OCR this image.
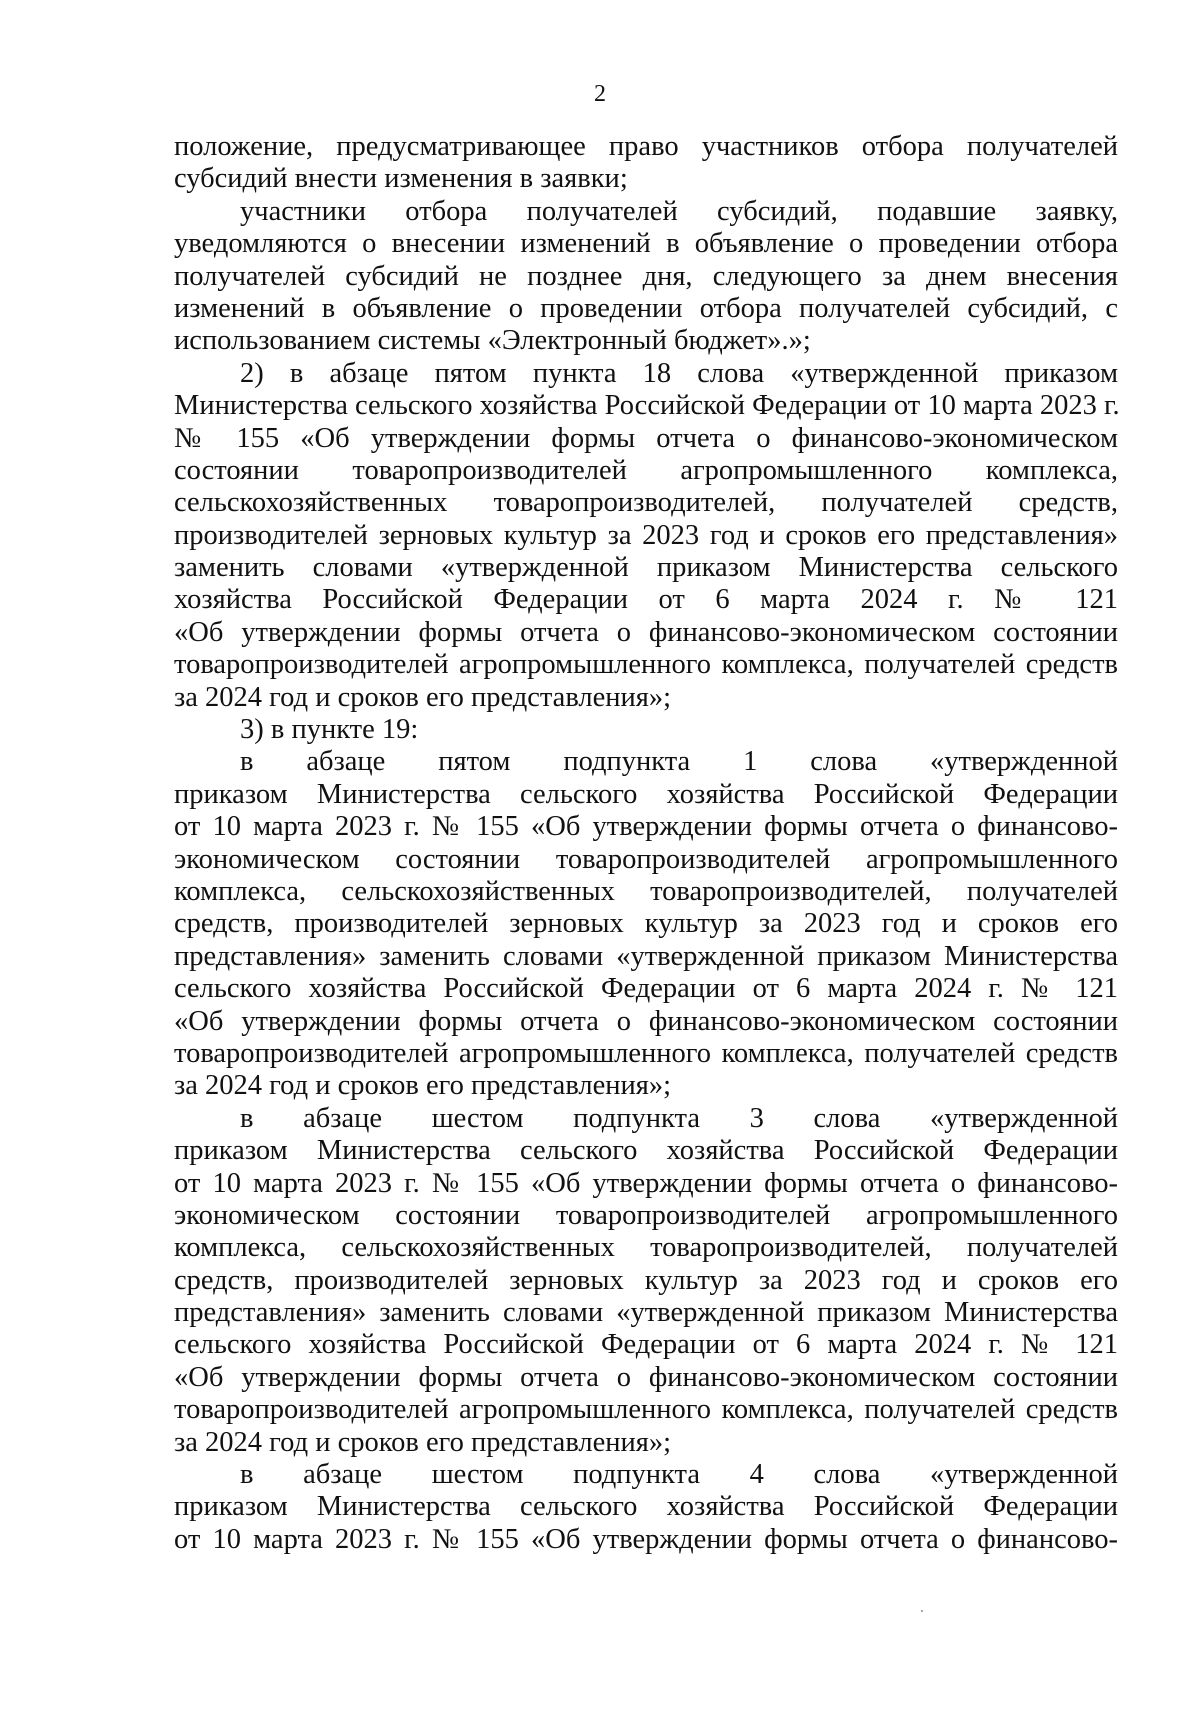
2
положение, предусматривающее право участников отбора получателей
субсидий внести изменения в заявки;
участники отбора получателей субсидий, подавшие заявку,
уведомляются о внесении изменений в объявление о проведении отбора
получателей субсидий не позднее дня, следующего за днем внесения
изменений в объявление о проведении отбора получателей субсидий, с
использованием системы «Электронный бюджет».»;
2) в абзаце пятом пункта 18 слова «утвержденной приказом
Министерства сельского хозяйства Российской Федерации от 10 марта 2023 г.
№ 155 «Об утверждении формы отчета о финансово-экономическом
состоянии товаропроизводителей агропромышленного комплекса,
сельскохозяйственных товаропроизводителей, получателей средств,
производителей зерновых культур за 2023 год и сроков его представления»
заменить словами «утвержденной приказом Министерства сельского
хозяйства Российской Федерации от 6 марта 2024 г. № 121
«Об утверждении формы отчета о финансово-экономическом состоянии
товаропроизводителей агропромышленного комплекса, получателей средств
за 2024 год и сроков его представления»;
3) в пункте 19:
в абзаце пятом подпункта 1 слова «утвержденной
приказом Министерства сельского хозяйства Российской Федерации
от 10 марта 2023 г. № 155 «Об утверждении формы отчета о финансово-
экономическом состоянии товаропроизводителей агропромышленного
комплекса, сельскохозяйственных товаропроизводителей, получателей
средств, производителей зерновых культур за 2023 год и сроков его
представления» заменить словами «утвержденной приказом Министерства
сельского хозяйства Российской Федерации от 6 марта 2024 г. № 121
«Об утверждении формы отчета о финансово-экономическом состоянии
товаропроизводителей агропромышленного комплекса, получателей средств
за 2024 год и сроков его представления»;
в абзаце шестом подпункта 3 слова «утвержденной
приказом Министерства сельского хозяйства Российской Федерации
от 10 марта 2023 г. № 155 «Об утверждении формы отчета о финансово-
экономическом состоянии товаропроизводителей агропромышленного
комплекса, сельскохозяйственных товаропроизводителей, получателей
средств, производителей зерновых культур за 2023 год и сроков его
представления» заменить словами «утвержденной приказом Министерства
сельского хозяйства Российской Федерации от 6 марта 2024 г. № 121
«Об утверждении формы отчета о финансово-экономическом состоянии
товаропроизводителей агропромышленного комплекса, получателей средств
за 2024 год и сроков его представления»;
в абзаце шестом подпункта 4 слова «утвержденной
приказом Министерства сельского хозяйства Российской Федерации
от 10 марта 2023 г. № 155 «Об утверждении формы отчета о финансово-
